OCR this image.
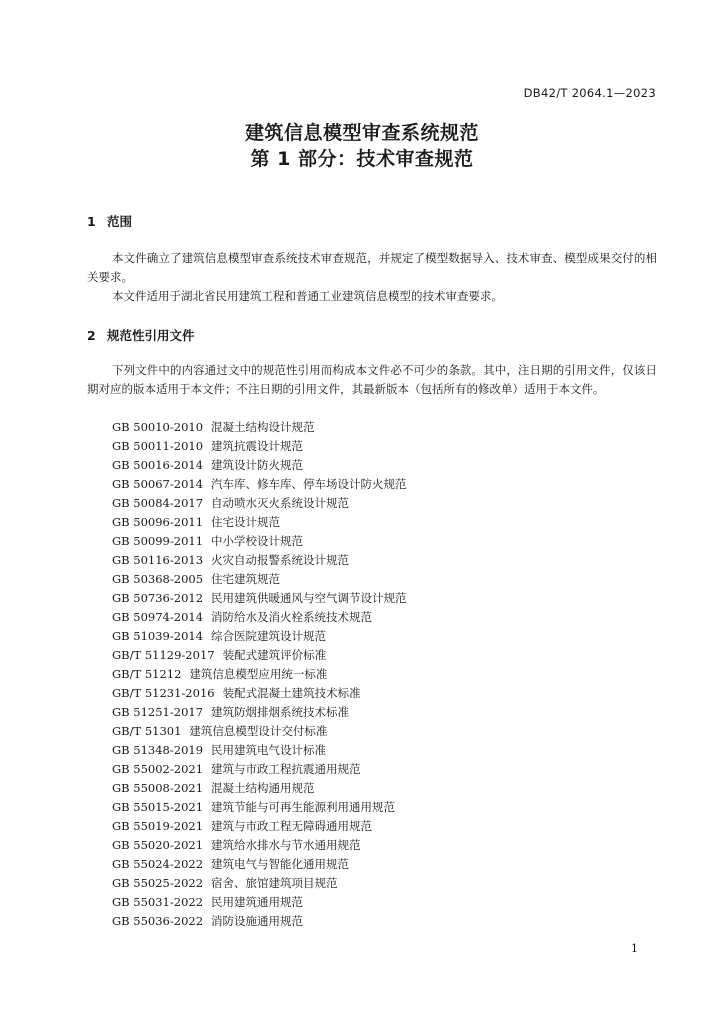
DB42/T 2064.1—2023
建筑信息模型审查系统规范
第 1 部分：技术审查规范
1 范围
本文件确立了建筑信息模型审查系统技术审查规范，并规定了模型数据导入、技术审查、模型成果交付的相关要求。
本文件适用于湖北省民用建筑工程和普通工业建筑信息模型的技术审查要求。
2 规范性引用文件
下列文件中的内容通过文中的规范性引用而构成本文件必不可少的条款。其中，注日期的引用文件，仅该日期对应的版本适用于本文件；不注日期的引用文件，其最新版本（包括所有的修改单）适用于本文件。
GB 50010-2010 混凝土结构设计规范
GB 50011-2010 建筑抗震设计规范
GB 50016-2014 建筑设计防火规范
GB 50067-2014 汽车库、修车库、停车场设计防火规范
GB 50084-2017 自动喷水灭火系统设计规范
GB 50096-2011 住宅设计规范
GB 50099-2011 中小学校设计规范
GB 50116-2013 火灾自动报警系统设计规范
GB 50368-2005 住宅建筑规范
GB 50736-2012 民用建筑供暖通风与空气调节设计规范
GB 50974-2014 消防给水及消火栓系统技术规范
GB 51039-2014 综合医院建筑设计规范
GB/T 51129-2017 装配式建筑评价标准
GB/T 51212 建筑信息模型应用统一标准
GB/T 51231-2016 装配式混凝土建筑技术标准
GB 51251-2017 建筑防烟排烟系统技术标准
GB/T 51301 建筑信息模型设计交付标准
GB 51348-2019 民用建筑电气设计标准
GB 55002-2021 建筑与市政工程抗震通用规范
GB 55008-2021 混凝土结构通用规范
GB 55015-2021 建筑节能与可再生能源利用通用规范
GB 55019-2021 建筑与市政工程无障碍通用规范
GB 55020-2021 建筑给水排水与节水通用规范
GB 55024-2022 建筑电气与智能化通用规范
GB 55025-2022 宿舍、旅馆建筑项目规范
GB 55031-2022 民用建筑通用规范
GB 55036-2022 消防设施通用规范
1
